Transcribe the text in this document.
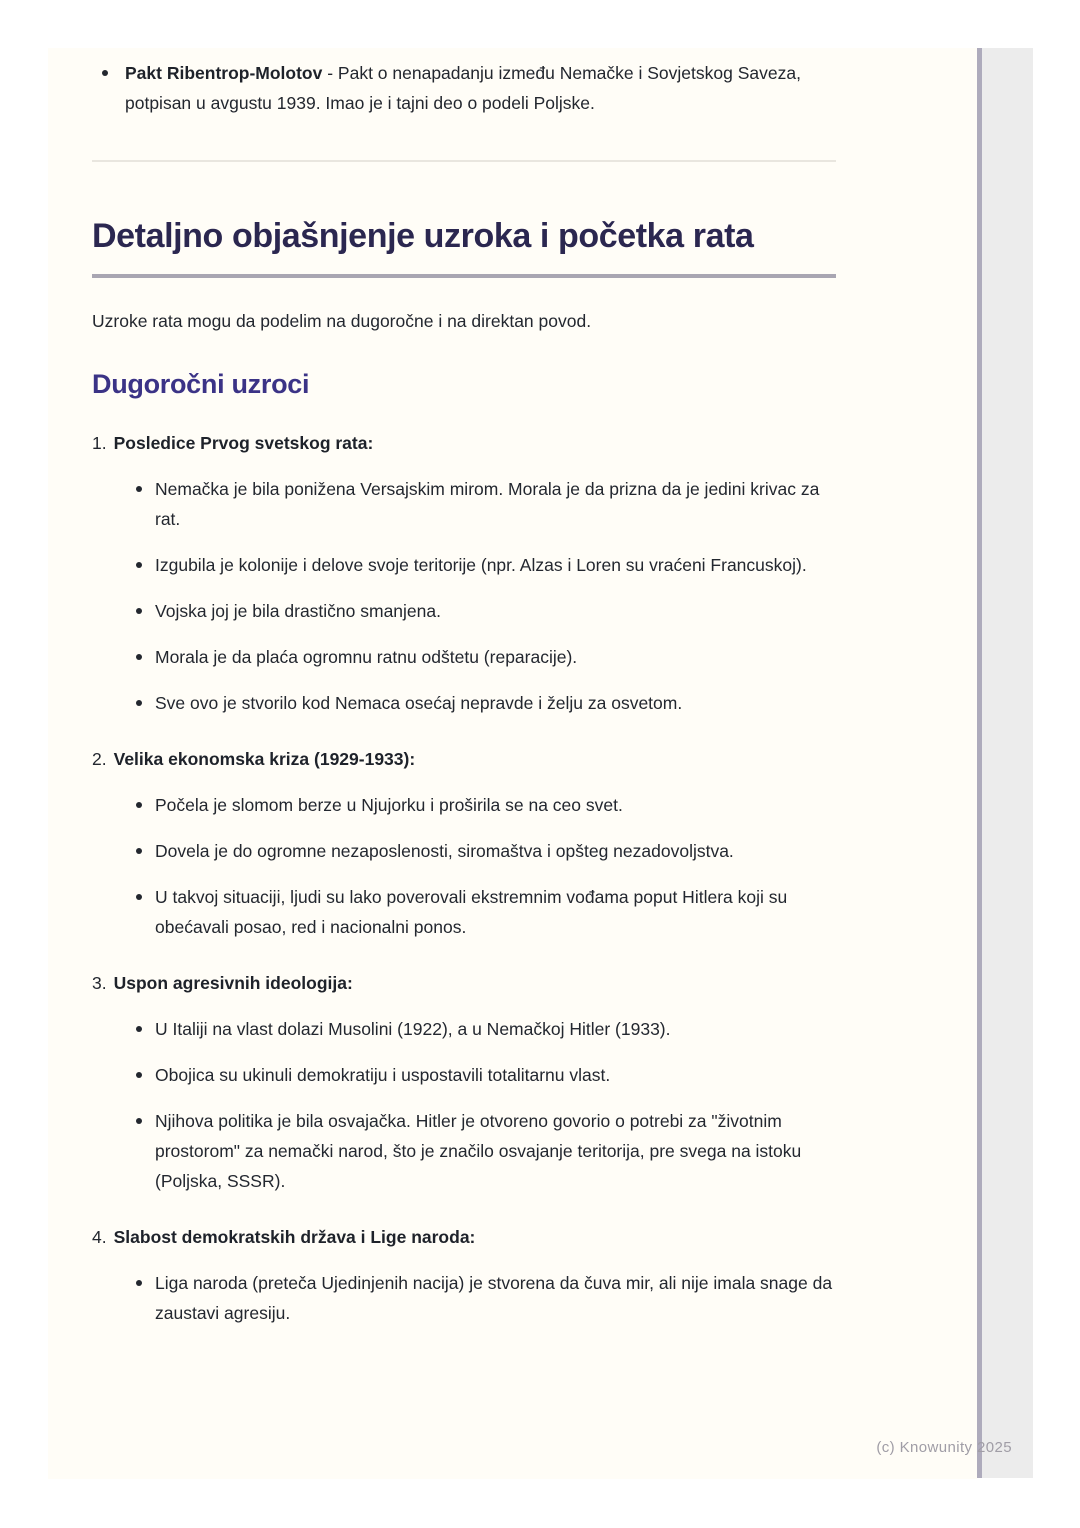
Pakt Ribentrop-Molotov - Pakt o nenapadanju između Nemačke i Sovjetskog Saveza, potpisan u avgustu 1939. Imao je i tajni deo o podeli Poljske.
Detaljno objašnjenje uzroka i početka rata

Uzroke rata mogu da podelim na dugoročne i na direktan povod.

Dugoročni uzroci
1. Posledice Prvog svetskog rata:
Nemačka je bila ponižena Versajskim mirom. Morala je da prizna da je jedini krivac za rat.
Izgubila je kolonije i delove svoje teritorije (npr. Alzas i Loren su vraćeni Francuskoj).
Vojska joj je bila drastično smanjena.
Morala je da plaća ogromnu ratnu odštetu (reparacije).
Sve ovo je stvorilo kod Nemaca osećaj nepravde i želju za osvetom.
2. Velika ekonomska kriza (1929-1933):
Počela je slomom berze u Njujorku i proširila se na ceo svet.
Dovela je do ogromne nezaposlenosti, siromaštva i opšteg nezadovoljstva.
U takvoj situaciji, ljudi su lako poverovali ekstremnim vođama poput Hitlera koji su obećavali posao, red i nacionalni ponos.
3. Uspon agresivnih ideologija:
U Italiji na vlast dolazi Musolini (1922), a u Nemačkoj Hitler (1933).
Obojica su ukinuli demokratiju i uspostavili totalitarnu vlast.
Njihova politika je bila osvajačka. Hitler je otvoreno govorio o potrebi za "životnim prostorom" za nemački narod, što je značilo osvajanje teritorija, pre svega na istoku (Poljska, SSSR).
4. Slabost demokratskih država i Lige naroda:
Liga naroda (preteča Ujedinjenih nacija) je stvorena da čuva mir, ali nije imala snage da zaustavi agresiju.
(c) Knowunity 2025
